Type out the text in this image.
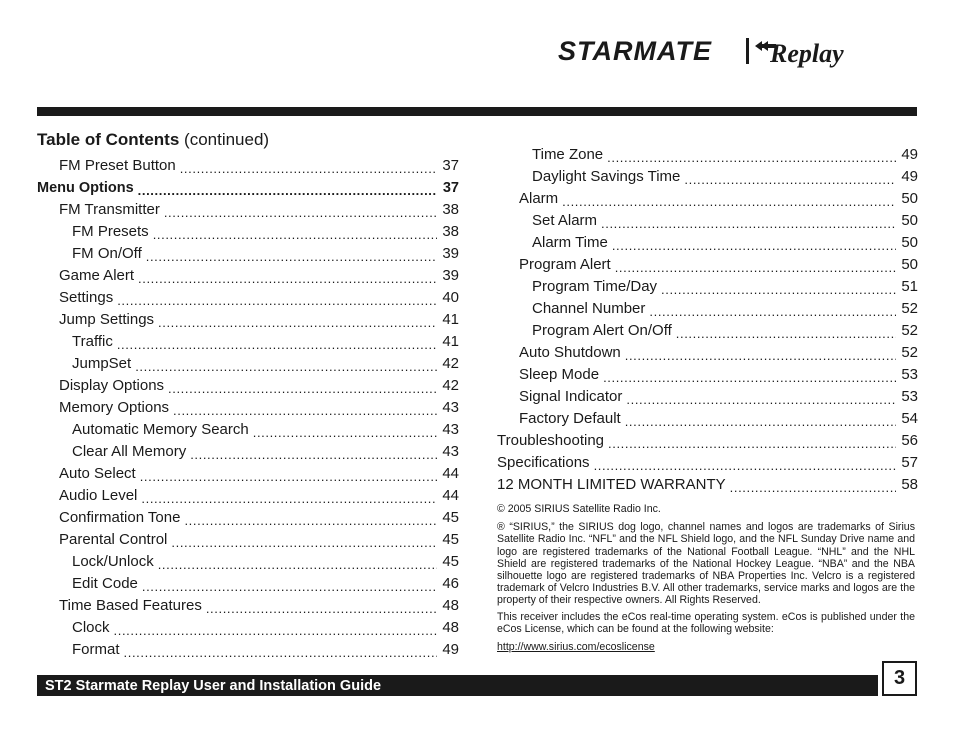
STARMATE Replay
Table of Contents (continued)
FM Preset Button .....	37
Menu Options .....	37
FM Transmitter .....	38
FM Presets .....	38
FM On/Off .....	39
Game Alert .....	39
Settings .....	40
Jump Settings .....	41
Traffic .....	41
JumpSet .....	42
Display Options .....	42
Memory Options .....	43
Automatic Memory Search .....	43
Clear All Memory .....	43
Auto Select .....	44
Audio Level .....	44
Confirmation Tone .....	45
Parental Control .....	45
Lock/Unlock .....	45
Edit Code .....	46
Time Based Features .....	48
Clock .....	48
Format .....	49
Time Zone .....	49
Daylight Savings Time .....	49
Alarm .....	50
Set Alarm .....	50
Alarm Time .....	50
Program Alert .....	50
Program Time/Day .....	51
Channel Number .....	52
Program Alert On/Off .....	52
Auto Shutdown .....	52
Sleep Mode .....	53
Signal Indicator .....	53
Factory Default .....	54
Troubleshooting .....	56
Specifications .....	57
12 MONTH LIMITED WARRANTY .....	58

© 2005 SIRIUS Satellite Radio Inc.

® “SIRIUS,” the SIRIUS dog logo, channel names and logos are trademarks of Sirius Satellite Radio Inc. “NFL” and the NFL Shield logo, and the NFL Sunday Drive name and logo are registered trademarks of the National Football League. “NHL” and the NHL Shield are registered trademarks of the National Hockey League. “NBA” and the NBA silhouette logo are registered trademarks of NBA Properties Inc. Velcro is a registered trademark of Velcro Industries B.V. All other trademarks, service marks and logos are the property of their respective owners. All Rights Reserved.

This receiver includes the eCos real-time operating system. eCos is published under the eCos License, which can be found at the following website:

http://www.sirius.com/ecoslicense
ST2 Starmate Replay User and Installation Guide	3
